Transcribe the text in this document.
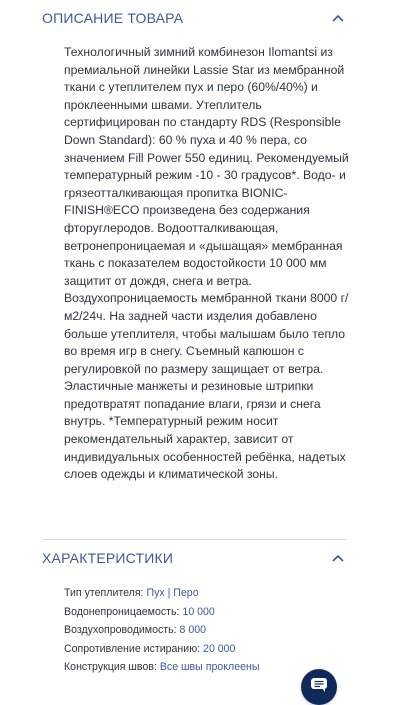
ОПИСАНИЕ ТОВАРА
Технологичный зимний комбинезон Ilomantsi из премиальной линейки Lassie Star из мембранной ткани с утеплителем пух и перо (60%/40%) и проклеенными швами. Утеплитель сертифицирован по стандарту RDS (Responsible Down Standard): 60 % пуха и 40 % пера, со значением Fill Power 550 единиц. Рекомендуемый температурный режим -10 - 30 градусов*. Водо- и грязеотталкивающая пропитка BIONIC-FINISH®ECO произведена без содержания фторуглеродов. Водоотталкивающая, ветронепроницаемая и «дышащая» мембранная ткань с показателем водостойкости 10 000 мм защитит от дождя, снега и ветра. Воздухопроницаемость мембранной ткани 8000 г/м2/24ч. На задней части изделия добавлено больше утеплителя, чтобы малышам было тепло во время игр в снегу. Съемный капюшон с регулировкой по размеру защищает от ветра. Эластичные манжеты и резиновые штрипки предотвратят попадание влаги, грязи и снега внутрь. *Температурный режим носит рекомендательный характер, зависит от индивидуальных особенностей ребёнка, надетых слоев одежды и климатической зоны.
ХАРАКТЕРИСТИКИ
Тип утеплителя: Пух | Перо
Водонепроницаемость: 10 000
Воздухопроводимость: 8 000
Сопротивление истиранию: 20 000
Конструкция швов: Все швы проклеены
